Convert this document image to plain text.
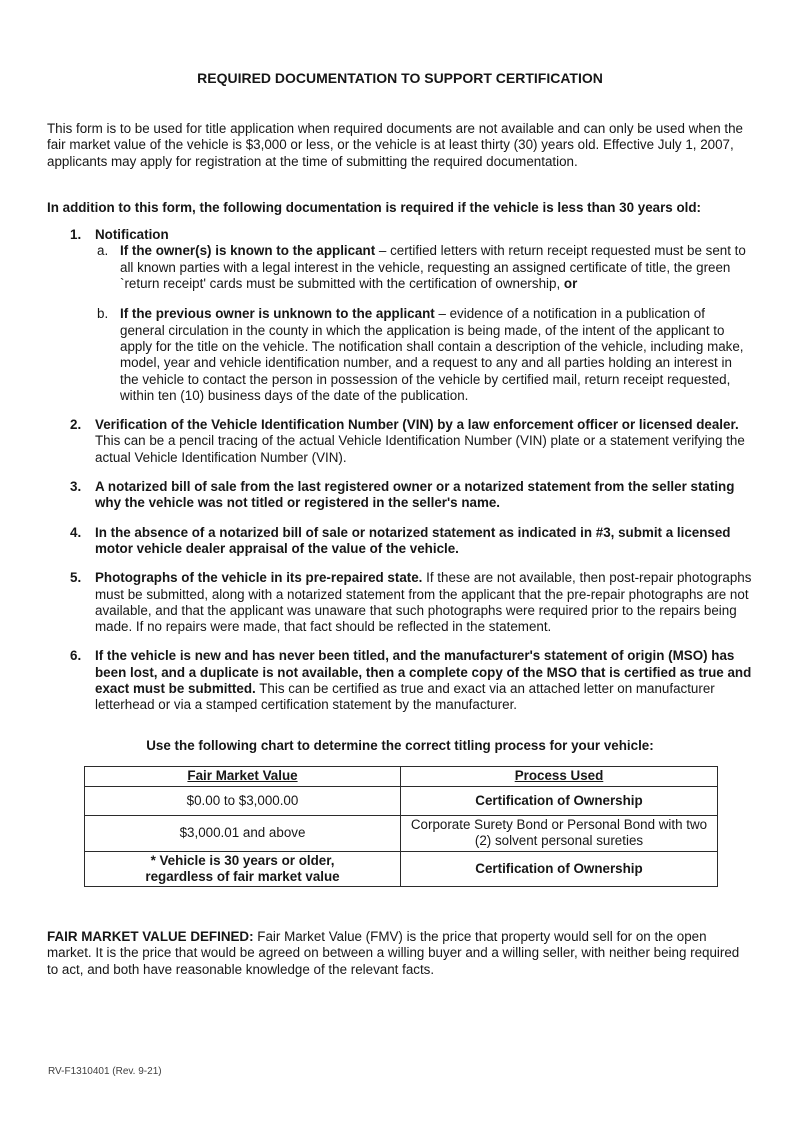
REQUIRED DOCUMENTATION TO SUPPORT CERTIFICATION

This form is to be used for title application when required documents are not available and can only be used when the fair market value of the vehicle is $3,000 or less, or the vehicle is at least thirty (30) years old. Effective July 1, 2007, applicants may apply for registration at the time of submitting the required documentation.

In addition to this form, the following documentation is required if the vehicle is less than 30 years old:

1.	Notification

a. If the owner(s) is known to the applicant – certified letters with return receipt requested must be sent to all known parties with a legal interest in the vehicle, requesting an assigned certificate of title, the green `return receipt' cards must be submitted with the certification of ownership, or

b. If the previous owner is unknown to the applicant – evidence of a notification in a publication of general circulation in the county in which the application is being made, of the intent of the applicant to apply for the title on the vehicle. The notification shall contain a description of the vehicle, including make, model, year and vehicle identification number, and a request to any and all parties holding an interest in the vehicle to contact the person in possession of the vehicle by certified mail, return receipt requested, within ten (10) business days of the date of the publication.

2.	Verification of the Vehicle Identification Number (VIN) by a law enforcement officer or licensed dealer. This can be a pencil tracing of the actual Vehicle Identification Number (VIN) plate or a statement verifying the actual Vehicle Identification Number (VIN).

3.	A notarized bill of sale from the last registered owner or a notarized statement from the seller stating why the vehicle was not titled or registered in the seller's name.

4.	In the absence of a notarized bill of sale or notarized statement as indicated in #3, submit a licensed motor vehicle dealer appraisal of the value of the vehicle.

5.	Photographs of the vehicle in its pre-repaired state. If these are not available, then post-repair photographs must be submitted, along with a notarized statement from the applicant that the pre-repair photographs are not available, and that the applicant was unaware that such photographs were required prior to the repairs being made. If no repairs were made, that fact should be reflected in the statement.

6.	If the vehicle is new and has never been titled, and the manufacturer's statement of origin (MSO) has been lost, and a duplicate is not available, then a complete copy of the MSO that is certified as true and exact must be submitted. This can be certified as true and exact via an attached letter on manufacturer letterhead or via a stamped certification statement by the manufacturer.

Use the following chart to determine the correct titling process for your vehicle:

Fair Market Value	Process Used
$0.00 to $3,000.00	Certification of Ownership
$3,000.01 and above	Corporate Surety Bond or Personal Bond with two (2) solvent personal sureties
* Vehicle is 30 years or older, regardless of fair market value	Certification of Ownership

FAIR MARKET VALUE DEFINED: Fair Market Value (FMV) is the price that property would sell for on the open market. It is the price that would be agreed on between a willing buyer and a willing seller, with neither being required to act, and both have reasonable knowledge of the relevant facts.

RV-F1310401 (Rev. 9-21)
